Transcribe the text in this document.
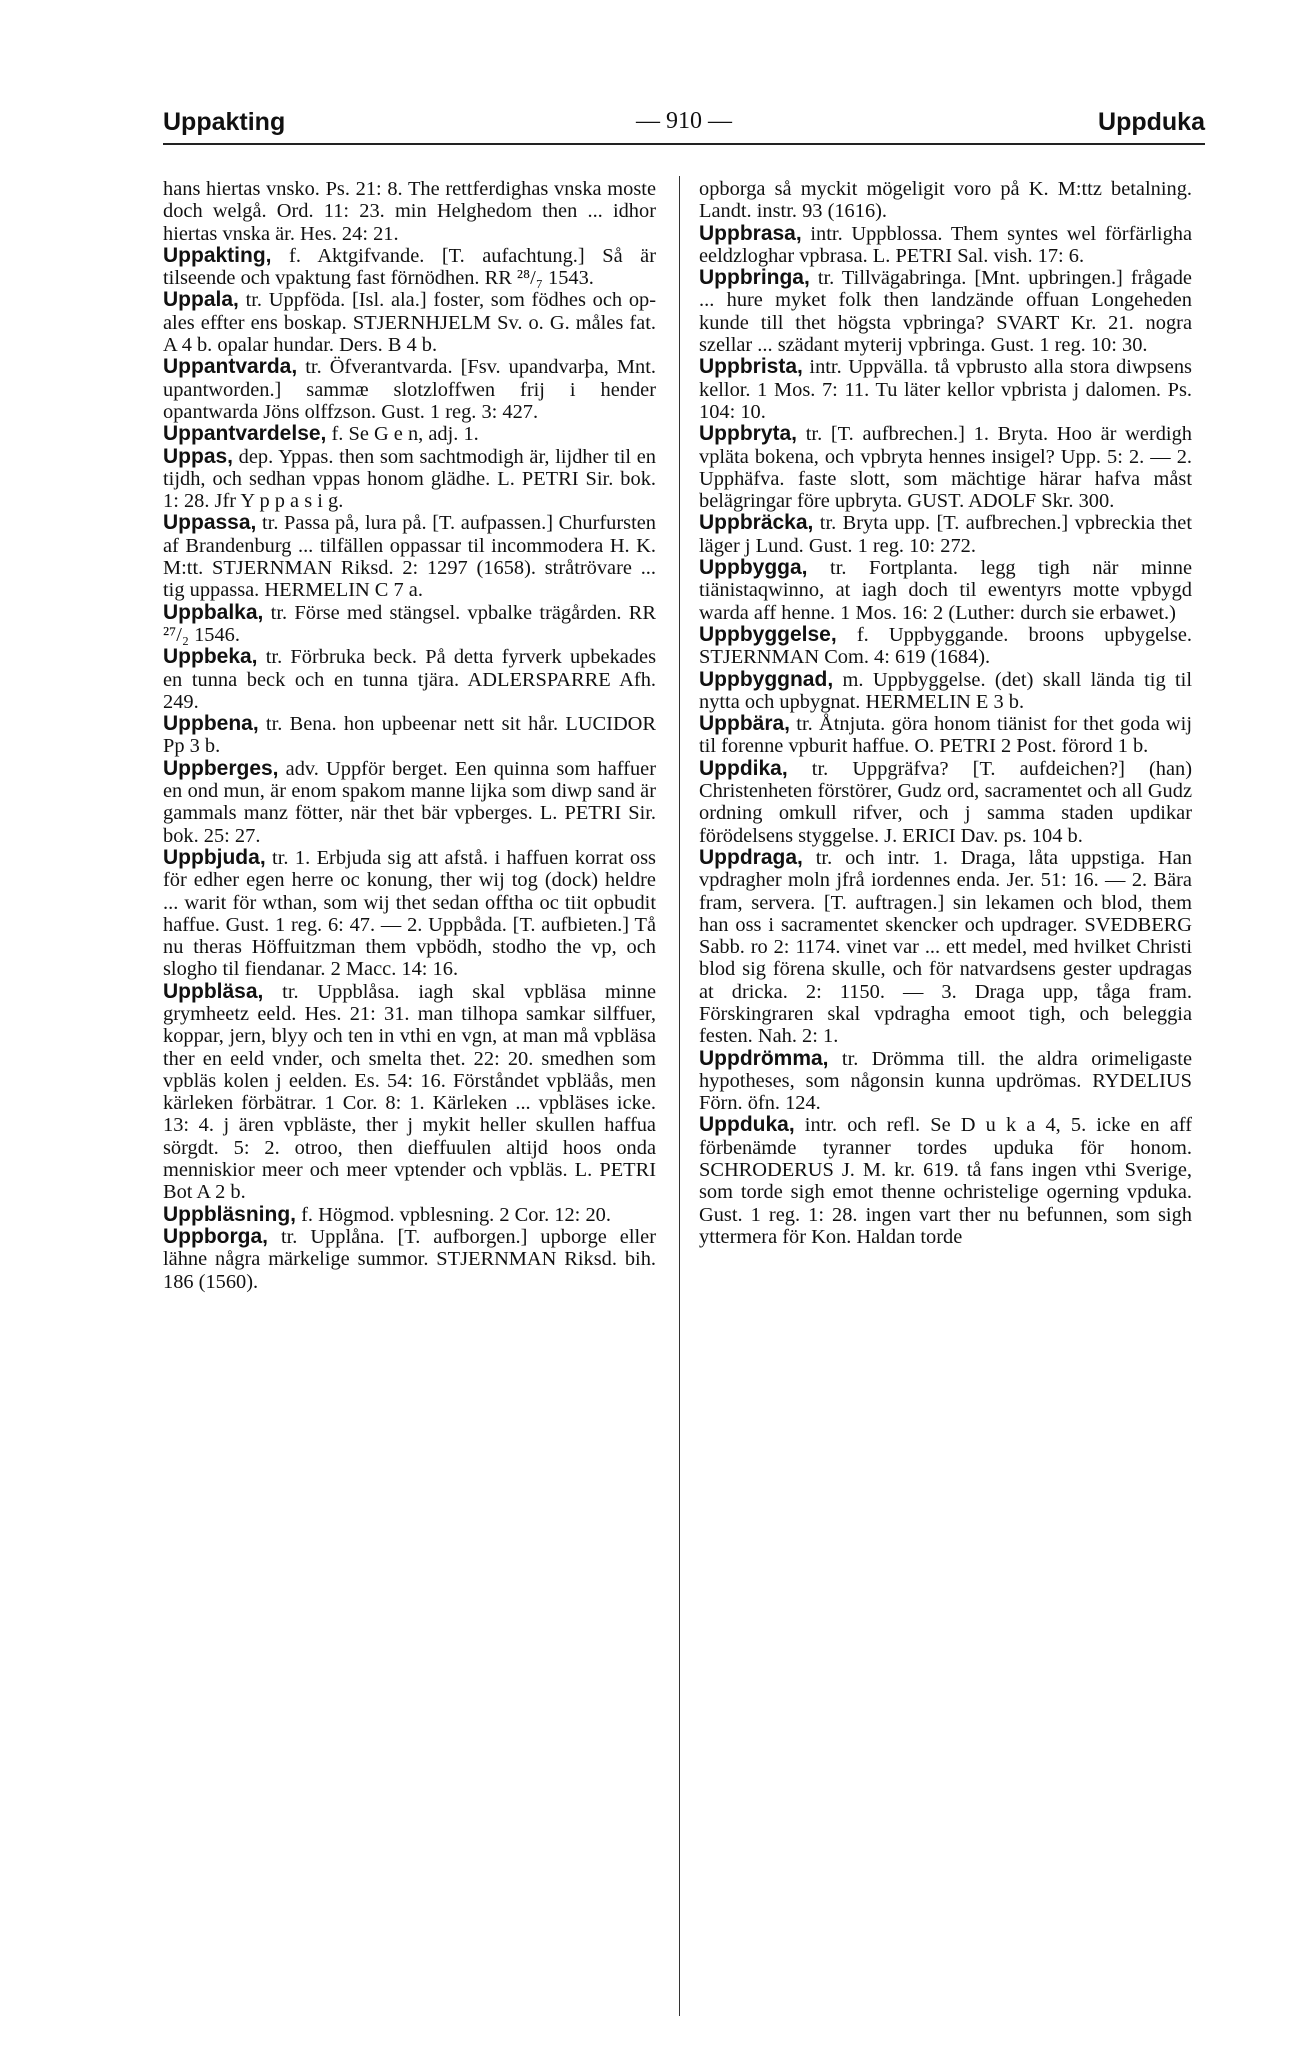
Uppakting	— 910 —	Uppduka

hans hiertas vnsko. Ps. 21: 8. The rettferdighas vnska moste doch welgå. Ord. 11: 23. min Helghedom then ... idhor hiertas vnska är. Hes. 24: 21.

Uppakting, f. Aktgifvande. [T. aufachtung.] Så är tilseende och vpaktung fast förnödhen. RR ²⁸/₇ 1543.

Uppala, tr. Uppföda. [Isl. ala.] foster, som födhes och op-ales effter ens boskap. STJERNHJELM Sv. o. G. måles fat. A 4 b. opalar hundar. Ders. B 4 b.

Uppantvarda, tr. Öfverantvarda. [Fsv. upandvarþa, Mnt. upantworden.] sammæ slotzloffwen frij i hender opantwarda Jöns olffzson. Gust. 1 reg. 3: 427.

Uppantvardelse, f. Se G e n, adj. 1.

Uppas, dep. Yppas. then som sachtmodigh är, lijdher til en tijdh, och sedhan vppas honom glädhe. L. PETRI Sir. bok. 1: 28. Jfr Y p p a s i g.

Uppassa, tr. Passa på, lura på. [T. aufpassen.] Churfursten af Brandenburg ... tilfällen oppassar til incommodera H. K. M:tt. STJERNMAN Riksd. 2: 1297 (1658). stråtrövare ... tig uppassa. HERMELIN C 7 a.

Uppbalka, tr. Förse med stängsel. vpbalke trägården. RR ²⁷/₂ 1546.

Uppbeka, tr. Förbruka beck. På detta fyrverk upbekades en tunna beck och en tunna tjära. ADLERSPARRE Afh. 249.

Uppbena, tr. Bena. hon upbeenar nett sit hår. LUCIDOR Pp 3 b.

Uppberges, adv. Uppför berget. Een quinna som haffuer en ond mun, är enom spakom manne lijka som diwp sand är gammals manz fötter, när thet bär vpberges. L. PETRI Sir. bok. 25: 27.

Uppbjuda, tr. 1. Erbjuda sig att afstå. i haffuen korrat oss för edher egen herre oc konung, ther wij tog (dock) heldre ... warit för wthan, som wij thet sedan offtha oc tiit opbudit haffue. Gust. 1 reg. 6: 47. — 2. Uppbåda. [T. aufbieten.] Tå nu theras Höffuitzman them vpbödh, stodho the vp, och slogho til fiendanar. 2 Macc. 14: 16.

Uppbläsa, tr. Uppblåsa. iagh skal vpbläsa minne grymheetz eeld. Hes. 21: 31. man tilhopa samkar silffuer, koppar, jern, blyy och ten in vthi en vgn, at man må vpbläsa ther en eeld vnder, och smelta thet. 22: 20. smedhen som vpbläs kolen j eelden. Es. 54: 16. Förståndet vpbläås, men kärleken förbätrar. 1 Cor. 8: 1. Kärleken ... vpbläses icke. 13: 4. j ären vpbläste, ther j mykit heller skullen haffua sörgdt. 5: 2. otroo, then dieffuulen altijd hoos onda menniskior meer och meer vptender och vpbläs. L. PETRI Bot A 2 b.

Uppbläsning, f. Högmod. vpblesning. 2 Cor. 12: 20.

Uppborga, tr. Upplåna. [T. aufborgen.] upborge eller lähne några märkelige summor. STJERNMAN Riksd. bih. 186 (1560).

opborga så myckit mögeligit voro på K. M:ttz betalning. Landt. instr. 93 (1616).

Uppbrasa, intr. Uppblossa. Them syntes wel förfärligha eeldzloghar vpbrasa. L. PETRI Sal. vish. 17: 6.

Uppbringa, tr. Tillvägabringa. [Mnt. upbringen.] frågade ... hure myket folk then landzände offuan Longeheden kunde till thet högsta vpbringa? SVART Kr. 21. nogra szellar ... szädant myterij vpbringa. Gust. 1 reg. 10: 30.

Uppbrista, intr. Uppvälla. tå vpbrusto alla stora diwpsens kellor. 1 Mos. 7: 11. Tu läter kellor vpbrista j dalomen. Ps. 104: 10.

Uppbryta, tr. [T. aufbrechen.] 1. Bryta. Hoo är werdigh vpläta bokena, och vpbryta hennes insigel? Upp. 5: 2. — 2. Upphäfva. faste slott, som mächtige härar hafva måst belägringar före upbryta. GUST. ADOLF Skr. 300.

Uppbräcka, tr. Bryta upp. [T. aufbrechen.] vpbreckia thet läger j Lund. Gust. 1 reg. 10: 272.

Uppbygga, tr. Fortplanta. legg tigh när minne tiänistaqwinno, at iagh doch til ewentyrs motte vpbygd warda aff henne. 1 Mos. 16: 2 (Luther: durch sie erbawet.)

Uppbyggelse, f. Uppbyggande. broons upbygelse. STJERNMAN Com. 4: 619 (1684).

Uppbyggnad, m. Uppbyggelse. (det) skall lända tig til nytta och upbygnat. HERMELIN E 3 b.

Uppbära, tr. Åtnjuta. göra honom tiänist for thet goda wij til forenne vpburit haffue. O. PETRI 2 Post. förord 1 b.

Uppdika, tr. Uppgräfva? [T. aufdeichen?] (han) Christenheten förstörer, Gudz ord, sacramentet och all Gudz ordning omkull rifver, och j samma staden updikar förödelsens styggelse. J. ERICI Dav. ps. 104 b.

Uppdraga, tr. och intr. 1. Draga, låta uppstiga. Han vpdragher moln jfrå iordennes enda. Jer. 51: 16. — 2. Bära fram, servera. [T. auftragen.] sin lekamen och blod, them han oss i sacramentet skencker och updrager. SVEDBERG Sabb. ro 2: 1174. vinet var ... ett medel, med hvilket Christi blod sig förena skulle, och för natvardsens gester updragas at dricka. 2: 1150. — 3. Draga upp, tåga fram. Förskingraren skal vpdragha emoot tigh, och beleggia festen. Nah. 2: 1.

Uppdrömma, tr. Drömma till. the aldra orimeligaste hypotheses, som någonsin kunna updrömas. RYDELIUS Förn. öfn. 124.

Uppduka, intr. och refl. Se D u k a 4, 5. icke en aff förbenämde tyranner tordes upduka för honom. SCHRODERUS J. M. kr. 619. tå fans ingen vthi Sverige, som torde sigh emot thenne ochristelige ogerning vpduka. Gust. 1 reg. 1: 28. ingen vart ther nu befunnen, som sigh yttermera för Kon. Haldan torde
